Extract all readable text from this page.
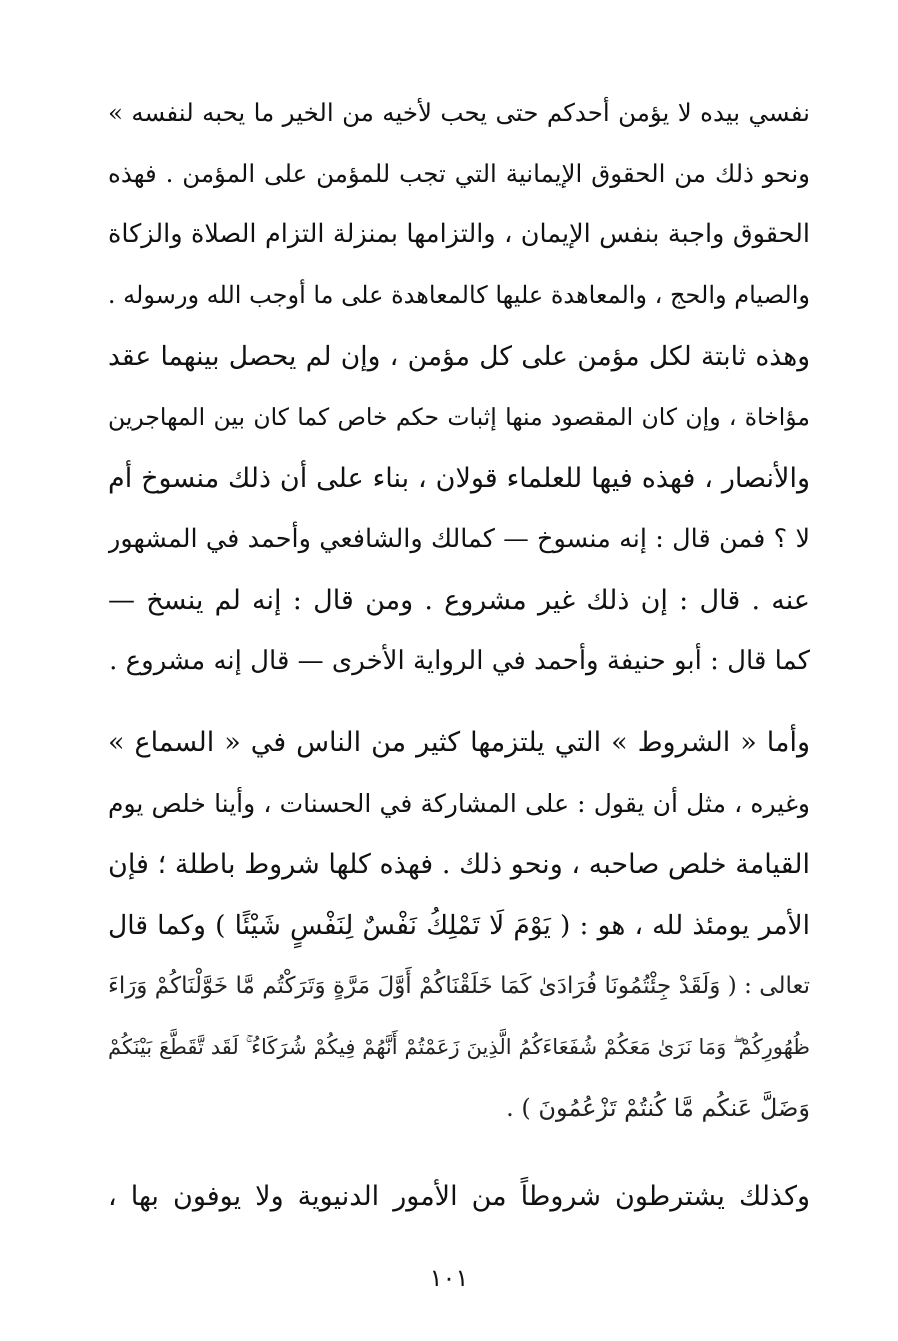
نفسي بيده لا يؤمن أحدكم حتى يحب لأخيه من الخير ما يحبه لنفسه »
ونحو ذلك من الحقوق الإيمانية التي تجب للمؤمن على المؤمن . فهذه
الحقوق واجبة بنفس الإيمان ، والتزامها بمنزلة التزام الصلاة والزكاة
والصيام والحج ، والمعاهدة عليها كالمعاهدة على ما أوجب الله ورسوله .
وهذه ثابتة لكل مؤمن على كل مؤمن ، وإن لم يحصل بينهما عقد
مؤاخاة ، وإن كان المقصود منها إثبات حكم خاص كما كان بين المهاجرين
والأنصار ، فهذه فيها للعلماء قولان ، بناء على أن ذلك منسوخ أم
لا ؟ فمن قال : إنه منسوخ — كمالك والشافعي وأحمد في المشهور
عنه . قال : إن ذلك غير مشروع . ومن قال : إنه لم ينسخ —
كما قال : أبو حنيفة وأحمد في الرواية الأخرى — قال إنه مشروع .
وأما « الشروط » التي يلتزمها كثير من الناس في « السماع »
وغيره ، مثل أن يقول : على المشاركة في الحسنات ، وأينا خلص يوم
القيامة خلص صاحبه ، ونحو ذلك . فهذه كلها شروط باطلة ؛ فإن
الأمر يومئذ لله ، هو : ( يَوْمَ لَا تَمْلِكُ نَفْسٌ لِنَفْسٍ شَيْئًا ) وكما قال
تعالى : ( وَلَقَدْ جِئْتُمُونَا فُرَادَىٰ كَمَا خَلَقْنَاكُمْ أَوَّلَ مَرَّةٍ وَتَرَكْتُم مَّا خَوَّلْنَاكُمْ وَرَاءَ
ظُهُورِكُمْ ۖ وَمَا نَرَىٰ مَعَكُمْ شُفَعَاءَكُمُ الَّذِينَ زَعَمْتُمْ أَنَّهُمْ فِيكُمْ شُرَكَاءُ ۚ لَقَد تَّقَطَّعَ بَيْنَكُمْ
وَضَلَّ عَنكُم مَّا كُنتُمْ تَزْعُمُونَ ) .
وكذلك يشترطون شروطاً من الأمور الدنيوية ولا يوفون بها ،
١٠١
